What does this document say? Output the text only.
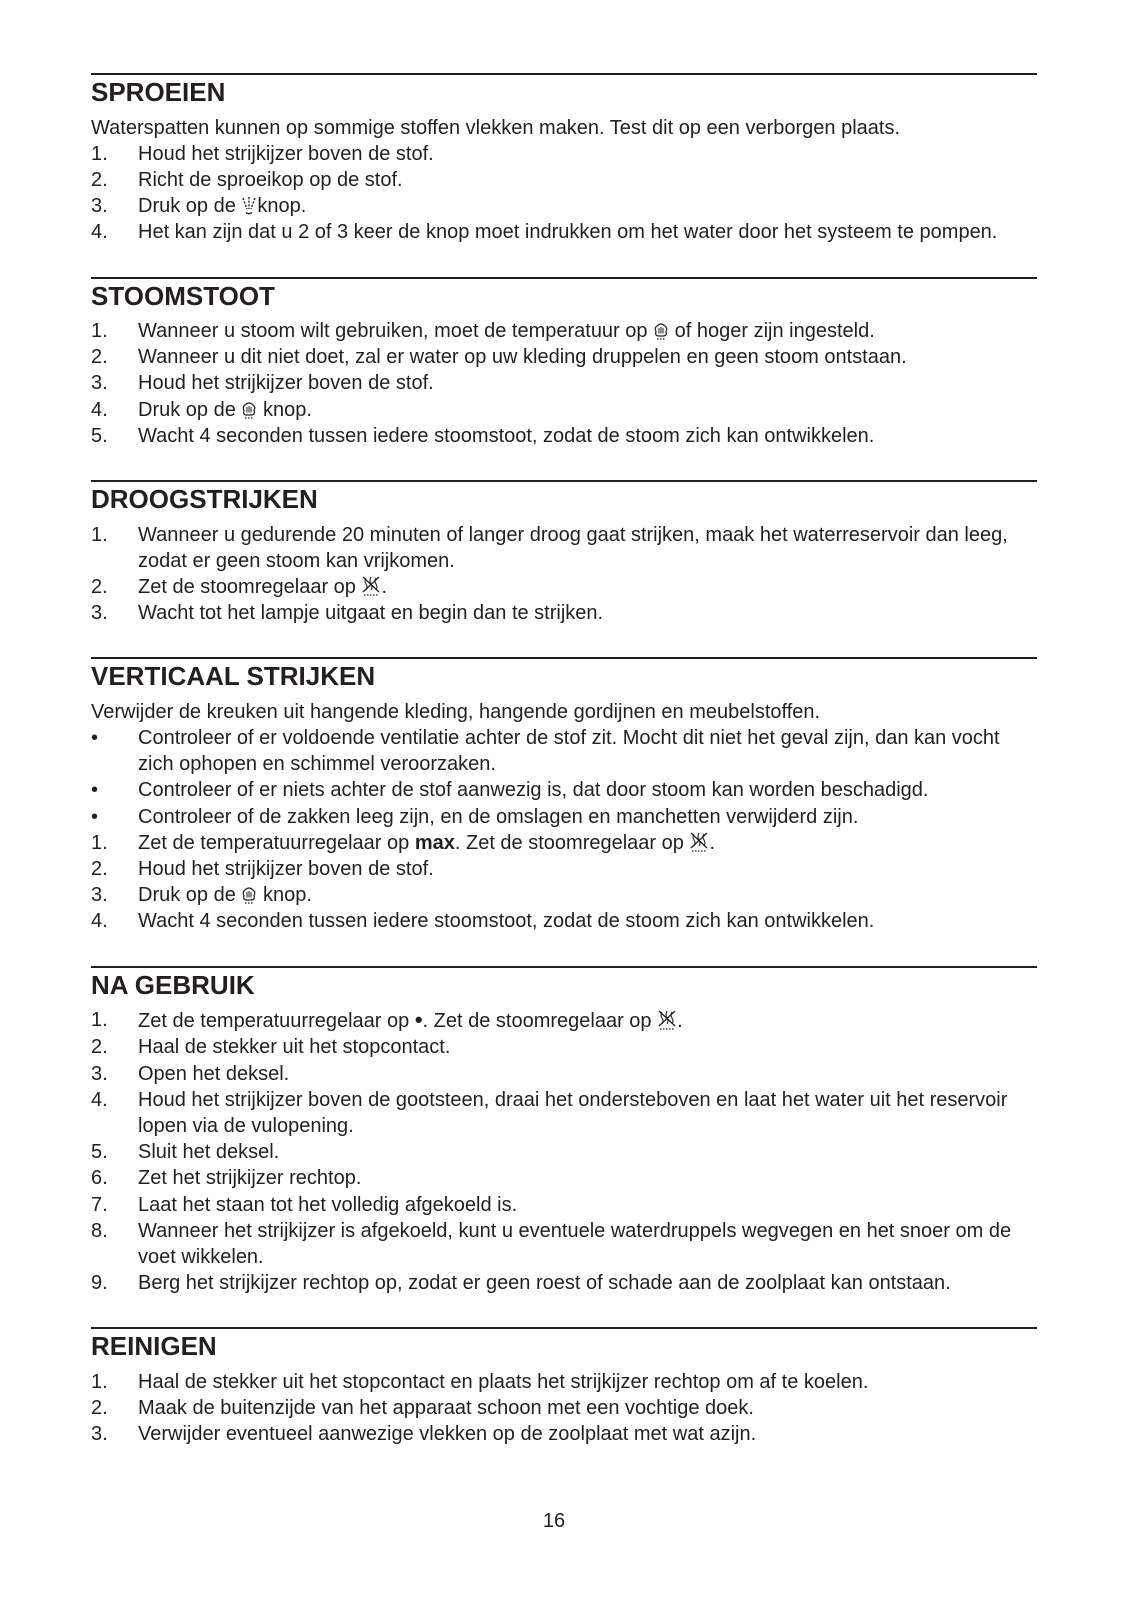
SPROEIEN

Waterspatten kunnen op sommige stoffen vlekken maken. Test dit op een verborgen plaats.

1.	Houd het strijkijzer boven de stof.
2.	Richt de sproeikop op de stof.
3.	Druk op de
knop.
4.	Het kan zijn dat u 2 of 3 keer de knop moet indrukken om het water door het systeem te pompen.
STOOMSTOOT
1.	Wanneer u stoom wilt gebruiken, moet de temperatuur op
of hoger zijn ingesteld.
2.	Wanneer u dit niet doet, zal er water op uw kleding druppelen en geen stoom ontstaan.
3.	Houd het strijkijzer boven de stof.
4.	Druk op de
knop.
5.	Wacht 4 seconden tussen iedere stoomstoot, zodat de stoom zich kan ontwikkelen.
DROOGSTRIJKEN
1.	Wanneer u gedurende 20 minuten of langer droog gaat strijken, maak het waterreservoir dan leeg, zodat er geen stoom kan vrijkomen.
2.	Zet de stoomregelaar op
.
3.	Wacht tot het lampje uitgaat en begin dan te strijken.
VERTICAAL STRIJKEN

Verwijder de kreuken uit hangende kleding, hangende gordijnen en meubelstoffen.

•	Controleer of er voldoende ventilatie achter de stof zit. Mocht dit niet het geval zijn, dan kan vocht zich ophopen en schimmel veroorzaken.
•	Controleer of er niets achter de stof aanwezig is, dat door stoom kan worden beschadigd.
•	Controleer of de zakken leeg zijn, en de omslagen en manchetten verwijderd zijn.
1.	Zet de temperatuurregelaar op max. Zet de stoomregelaar op
.
2.	Houd het strijkijzer boven de stof.
3.	Druk op de
knop.
4.	Wacht 4 seconden tussen iedere stoomstoot, zodat de stoom zich kan ontwikkelen.
NA GEBRUIK
1.	Zet de temperatuurregelaar op •. Zet de stoomregelaar op
.
2.	Haal de stekker uit het stopcontact.
3.	Open het deksel.
4.	Houd het strijkijzer boven de gootsteen, draai het ondersteboven en laat het water uit het reservoir lopen via de vulopening.
5.	Sluit het deksel.
6.	Zet het strijkijzer rechtop.
7.	Laat het staan tot het volledig afgekoeld is.
8.	Wanneer het strijkijzer is afgekoeld, kunt u eventuele waterdruppels wegvegen en het snoer om de voet wikkelen.
9.	Berg het strijkijzer rechtop op, zodat er geen roest of schade aan de zoolplaat kan ontstaan.
REINIGEN
1.	Haal de stekker uit het stopcontact en plaats het strijkijzer rechtop om af te koelen.
2.	Maak de buitenzijde van het apparaat schoon met een vochtige doek.
3.	Verwijder eventueel aanwezige vlekken op de zoolplaat met wat azijn.
16
